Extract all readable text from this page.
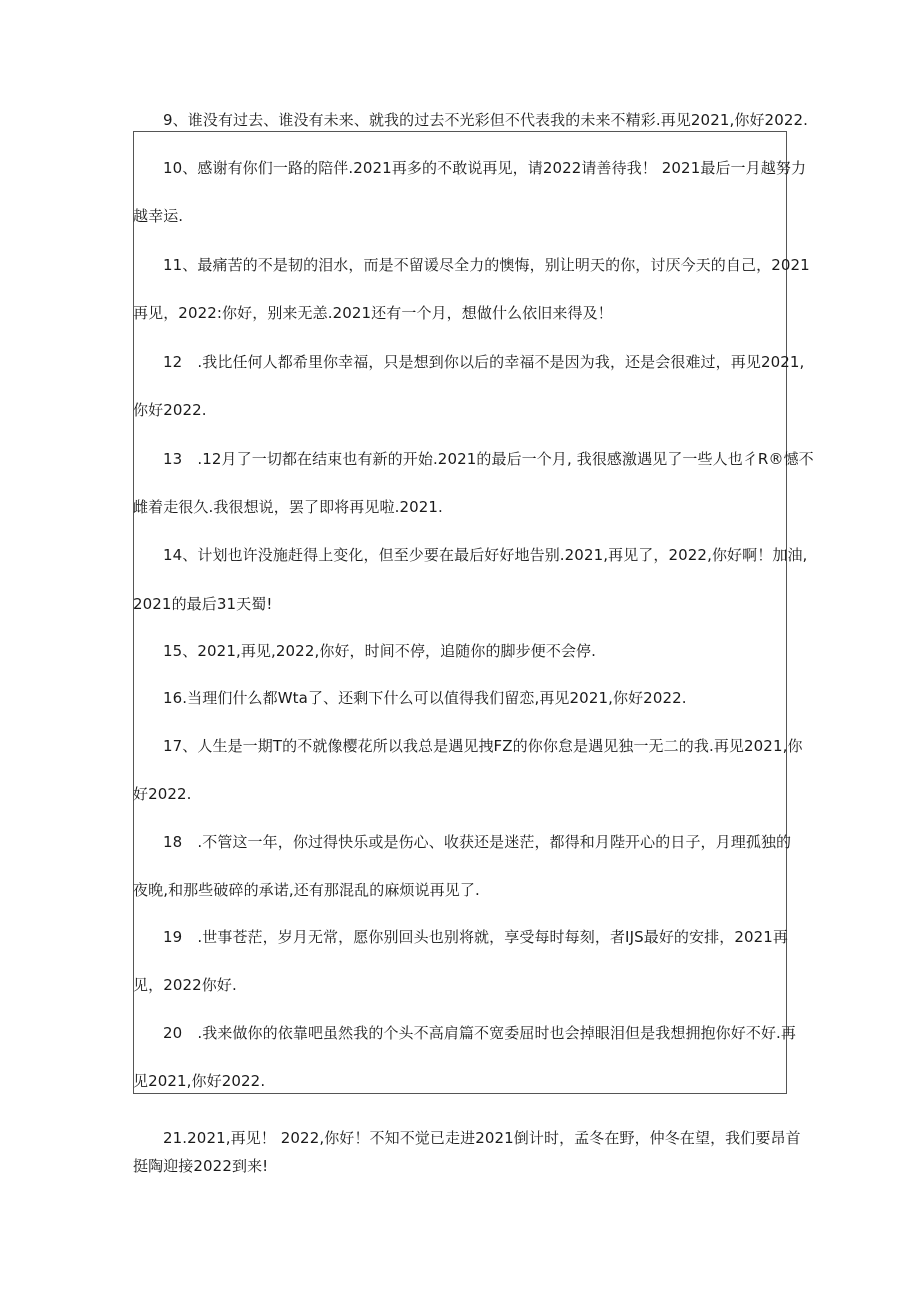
9、谁没有过去、谁没有未来、就我的过去不光彩但不代表我的未来不精彩.再见2021,你好2022.
10、感谢有你们一路的陪伴.2021再多的不敢说再见，请2022请善待我！ 2021最后一月越努力
越幸运.
11、最痛苦的不是韧的泪水，而是不留谖尽全力的懊悔，别让明天的你，讨厌今天的自己，2021
再见，2022:你好，别来无恙.2021还有一个月，想做什么依旧来得及！
12　.我比任何人都希里你幸福，只是想到你以后的幸福不是因为我，还是会很难过，再见2021,
你好2022.
13　.12月了一切都在结束也有新的开始.2021的最后一个月, 我很感激遇见了一些人也彳R®憾不
雌着走很久.我很想说，罢了即将再见啦.2021.
14、计划也许没施赶得上变化，但至少要在最后好好地告别.2021,再见了，2022,你好啊！加油,
2021的最后31天蜀!
15、2021,再见,2022,你好，时间不停，追随你的脚步便不会停.
16.当理们什么都Wta了、还剩下什么可以值得我们留恋,再见2021,你好2022.
17、人生是一期T的不就像樱花所以我总是遇见拽FZ的你你怠是遇见独一无二的我.再见2021,你
好2022.
18　.不管这一年，你过得快乐或是伤心、收获还是迷茫，都得和月陛开心的日子，月理孤独的
夜晚,和那些破碎的承诺,还有那混乱的麻烦说再见了.
19　.世事苍茫，岁月无常，愿你别回头也别将就，享受每时每刻，者IJS最好的安排，2021再
见，2022你好.
20　.我来做你的依靠吧虽然我的个头不高肩篇不宽委屈时也会掉眼泪但是我想拥抱你好不好.再
见2021,你好2022.
21.2021,再见！ 2022,你好！不知不觉已走进2021倒计时，孟冬在野，仲冬在望，我们要昂首
挺陶迎接2022到来!
